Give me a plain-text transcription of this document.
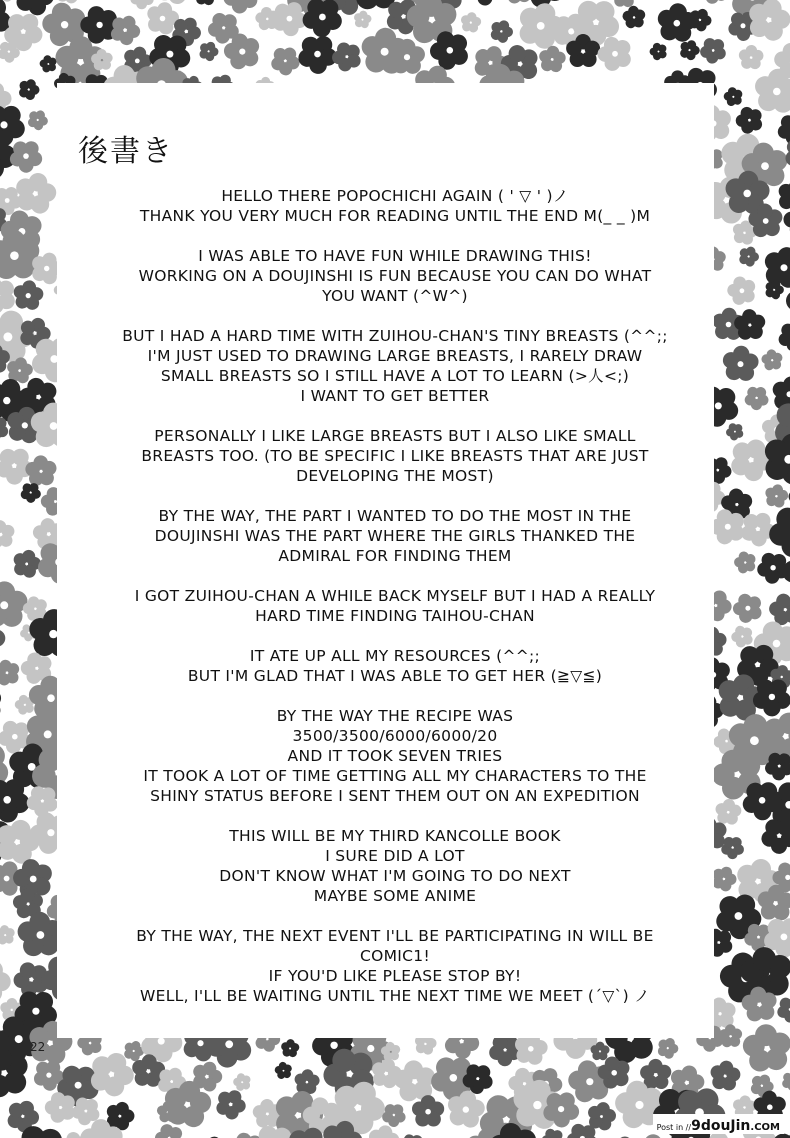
後書き
HELLO THERE POPOCHICHI AGAIN ( ' ▽ ' )ノ
THANK YOU VERY MUCH FOR READING UNTIL THE END M(_ _ )M
I WAS ABLE TO HAVE FUN WHILE DRAWING THIS!
WORKING ON A DOUJINSHI IS FUN BECAUSE YOU CAN DO WHAT
YOU WANT (^W^)
BUT I HAD A HARD TIME WITH ZUIHOU-CHAN'S TINY BREASTS (^^;;
I'M JUST USED TO DRAWING LARGE BREASTS, I RARELY DRAW
SMALL BREASTS SO I STILL HAVE A LOT TO LEARN (>人<;)
I WANT TO GET BETTER
PERSONALLY I LIKE LARGE BREASTS BUT I ALSO LIKE SMALL
BREASTS TOO. (TO BE SPECIFIC I LIKE BREASTS THAT ARE JUST
DEVELOPING THE MOST)
BY THE WAY, THE PART I WANTED TO DO THE MOST IN THE
DOUJINSHI WAS THE PART WHERE THE GIRLS THANKED THE
ADMIRAL FOR FINDING THEM
I GOT ZUIHOU-CHAN A WHILE BACK MYSELF BUT I HAD A REALLY
HARD TIME FINDING TAIHOU-CHAN
IT ATE UP ALL MY RESOURCES (^^;;
BUT I'M GLAD THAT I WAS ABLE TO GET HER (≧▽≦)
BY THE WAY THE RECIPE WAS
3500/3500/6000/6000/20
AND IT TOOK SEVEN TRIES
IT TOOK A LOT OF TIME GETTING ALL MY CHARACTERS TO THE
SHINY STATUS BEFORE I SENT THEM OUT ON AN EXPEDITION
THIS WILL BE MY THIRD KANCOLLE BOOK
I SURE DID A LOT
DON'T KNOW WHAT I'M GOING TO DO NEXT
MAYBE SOME ANIME
BY THE WAY, THE NEXT EVENT I'LL BE PARTICIPATING IN WILL BE
COMIC1!
IF YOU'D LIKE PLEASE STOP BY!
WELL, I'LL BE WAITING UNTIL THE NEXT TIME WE MEET (´▽`) ノ
22
Post in //9douJin.COM
